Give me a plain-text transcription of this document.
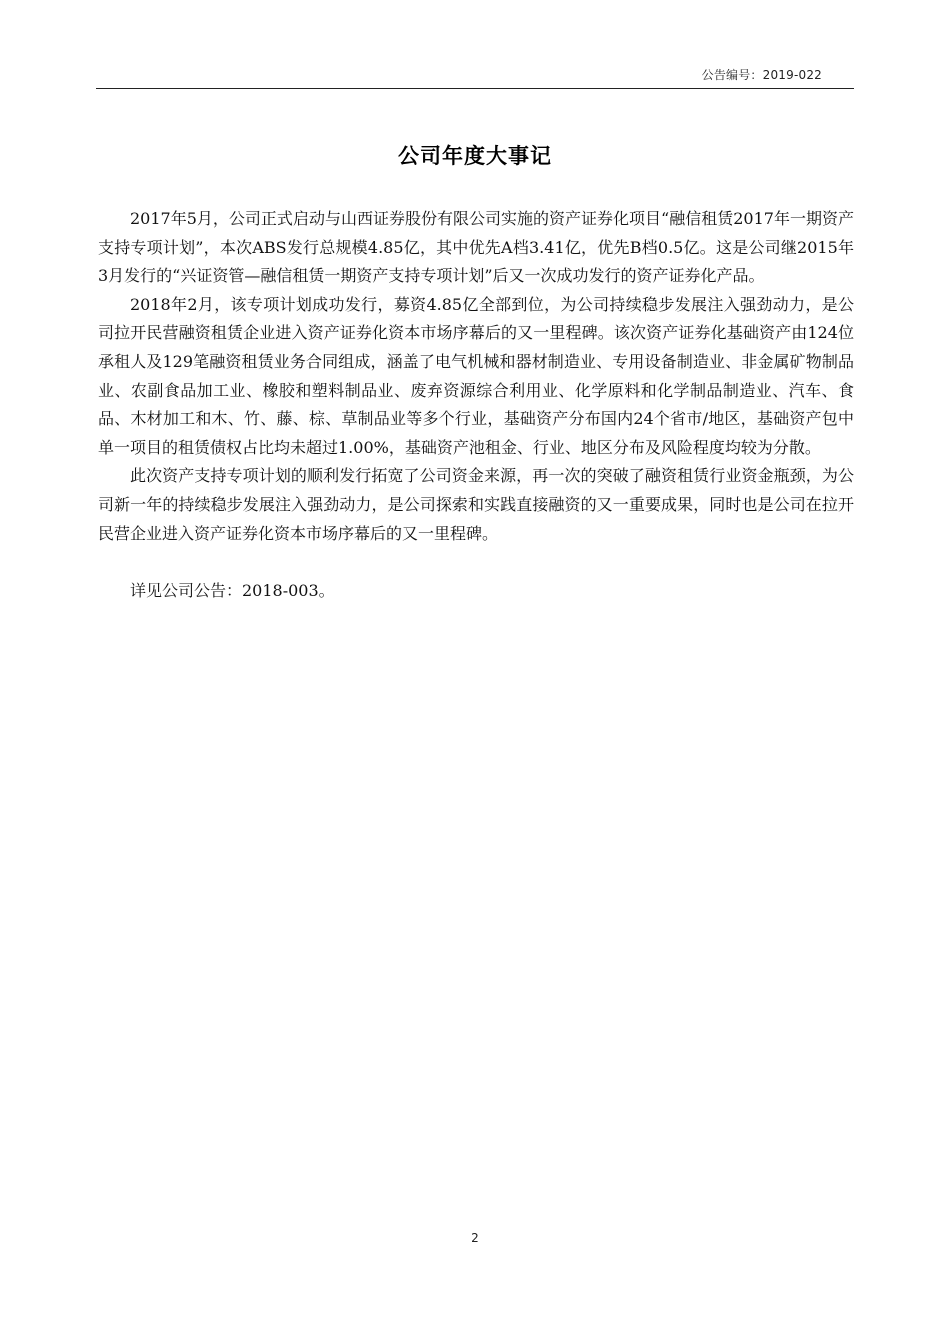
公告编号：2019-022
公司年度大事记

2017年5月，公司正式启动与山西证券股份有限公司实施的资产证券化项目“融信租赁2017年一期资产支持专项计划”，本次ABS发行总规模4.85亿，其中优先A档3.41亿，优先B档0.5亿。这是公司继2015年3月发行的“兴证资管—融信租赁一期资产支持专项计划”后又一次成功发行的资产证券化产品。

2018年2月，该专项计划成功发行，募资4.85亿全部到位，为公司持续稳步发展注入强劲动力，是公司拉开民营融资租赁企业进入资产证券化资本市场序幕后的又一里程碑。该次资产证券化基础资产由124位承租人及129笔融资租赁业务合同组成，涵盖了电气机械和器材制造业、专用设备制造业、非金属矿物制品业、农副食品加工业、橡胶和塑料制品业、废弃资源综合利用业、化学原料和化学制品制造业、汽车、食品、木材加工和木、竹、藤、棕、草制品业等多个行业，基础资产分布国内24个省市/地区，基础资产包中单一项目的租赁债权占比均未超过1.00%，基础资产池租金、行业、地区分布及风险程度均较为分散。

此次资产支持专项计划的顺利发行拓宽了公司资金来源，再一次的突破了融资租赁行业资金瓶颈，为公司新一年的持续稳步发展注入强劲动力，是公司探索和实践直接融资的又一重要成果，同时也是公司在拉开民营企业进入资产证券化资本市场序幕后的又一里程碑。

详见公司公告：2018-003。

2
